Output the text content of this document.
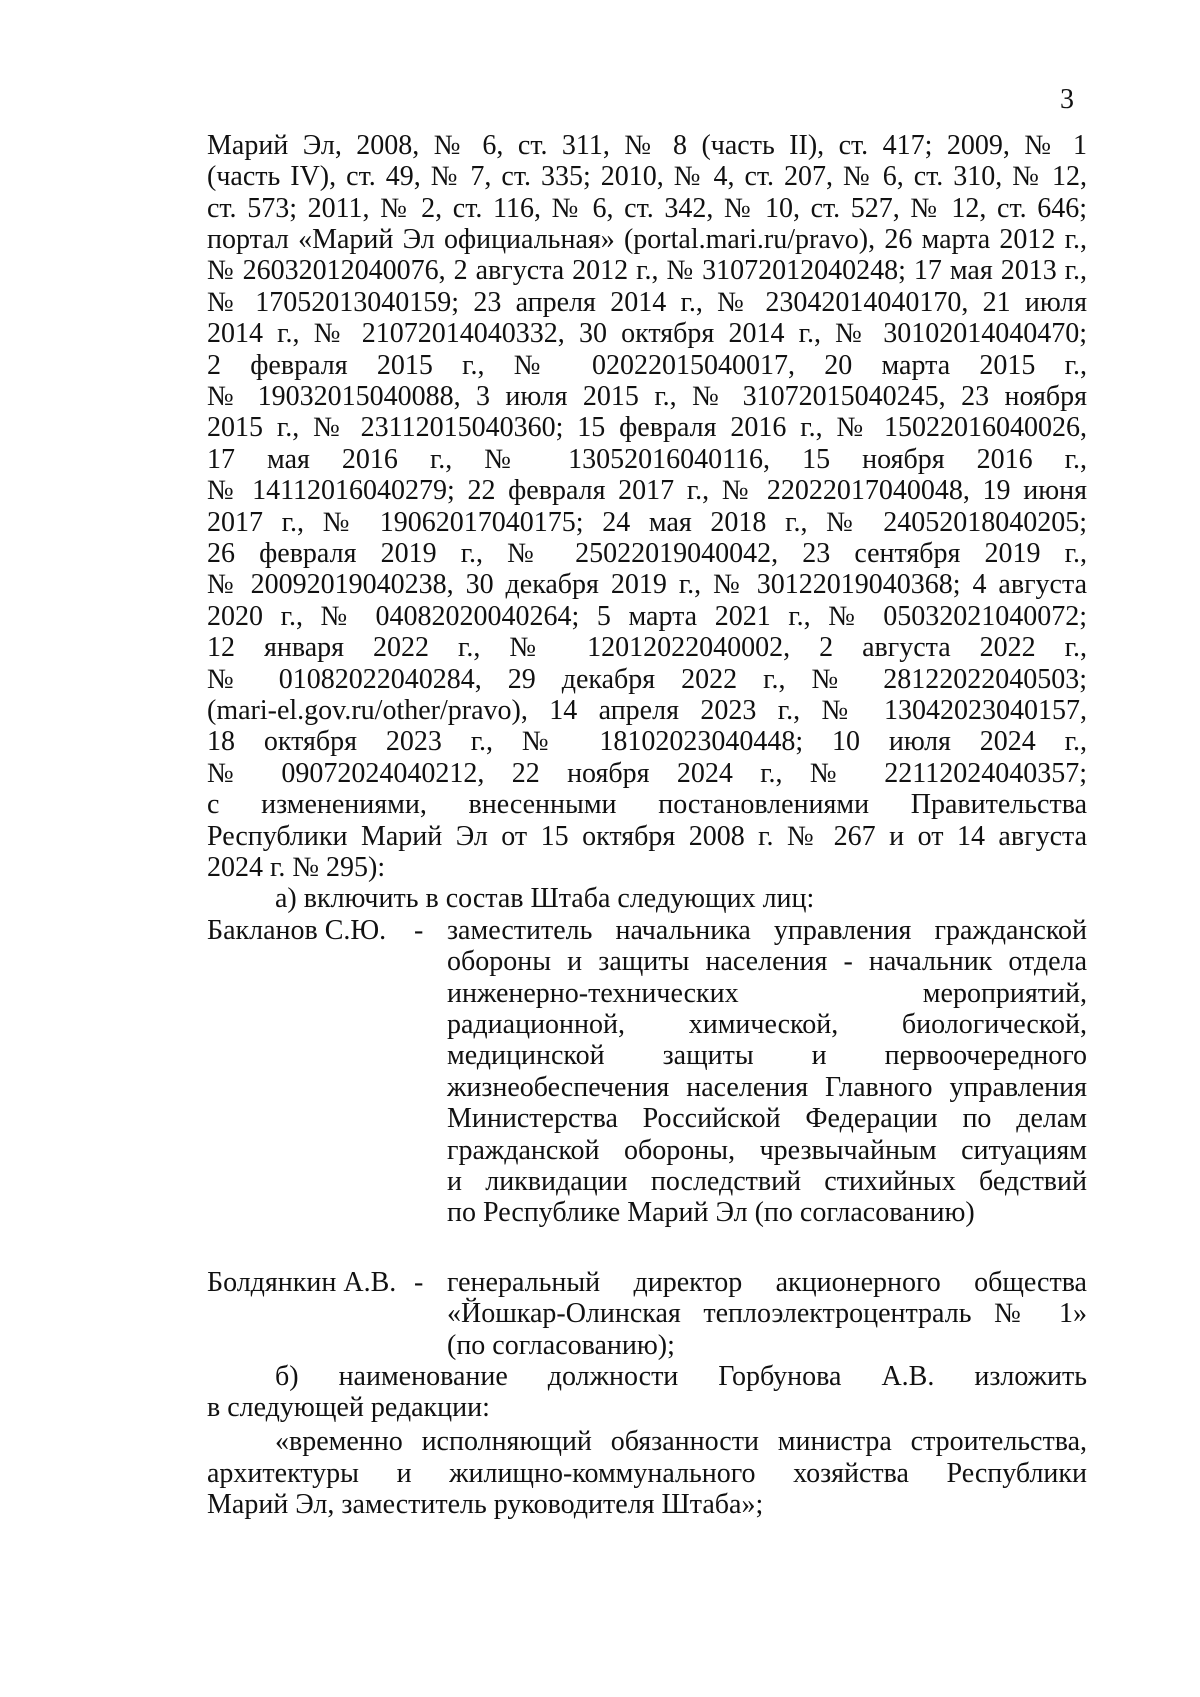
3
Марий Эл, 2008, № 6, ст. 311, № 8 (часть II), ст. 417; 2009, № 1
(часть IV), ст. 49, № 7, ст. 335; 2010, № 4, ст. 207, № 6, ст. 310, № 12,
ст. 573; 2011, № 2, ст. 116, № 6, ст. 342, № 10, ст. 527, № 12, ст. 646;
портал «Марий Эл официальная» (portal.mari.ru/pravo), 26 марта 2012 г.,
№ 26032012040076, 2 августа 2012 г., № 31072012040248; 17 мая 2013 г.,
№ 17052013040159; 23 апреля 2014 г., № 23042014040170, 21 июля
2014 г., № 21072014040332, 30 октября 2014 г., № 30102014040470;
2 февраля 2015 г., № 02022015040017, 20 марта 2015 г.,
№ 19032015040088, 3 июля 2015 г., № 31072015040245, 23 ноября
2015 г., № 23112015040360; 15 февраля 2016 г., № 15022016040026,
17 мая 2016 г., № 13052016040116, 15 ноября 2016 г.,
№ 14112016040279; 22 февраля 2017 г., № 22022017040048, 19 июня
2017 г., № 19062017040175; 24 мая 2018 г., № 24052018040205;
26 февраля 2019 г., № 25022019040042, 23 сентября 2019 г.,
№ 20092019040238, 30 декабря 2019 г., № 30122019040368; 4 августа
2020 г., № 04082020040264; 5 марта 2021 г., № 05032021040072;
12 января 2022 г., № 12012022040002, 2 августа 2022 г.,
№ 01082022040284, 29 декабря 2022 г., № 28122022040503;
(mari-el.gov.ru/other/pravo), 14 апреля 2023 г., № 13042023040157,
18 октября 2023 г., № 18102023040448; 10 июля 2024 г.,
№ 09072024040212, 22 ноября 2024 г., № 22112024040357;
с изменениями, внесенными постановлениями Правительства
Республики Марий Эл от 15 октября 2008 г. № 267 и от 14 августа
2024 г. № 295):
а) включить в состав Штаба следующих лиц:
Бакланов С.Ю. - заместитель начальника управления гражданской
обороны и защиты населения - начальник отдела
инженерно-технических мероприятий,
радиационной, химической, биологической,
медицинской защиты и первоочередного
жизнеобеспечения населения Главного управления
Министерства Российской Федерации по делам
гражданской обороны, чрезвычайным ситуациям
и ликвидации последствий стихийных бедствий
по Республике Марий Эл (по согласованию)
Болдянкин А.В. - генеральный директор акционерного общества
«Йошкар-Олинская теплоэлектроцентраль № 1»
(по согласованию);
б) наименование должности Горбунова А.В. изложить
в следующей редакции:
«временно исполняющий обязанности министра строительства,
архитектуры и жилищно-коммунального хозяйства Республики
Марий Эл, заместитель руководителя Штаба»;
